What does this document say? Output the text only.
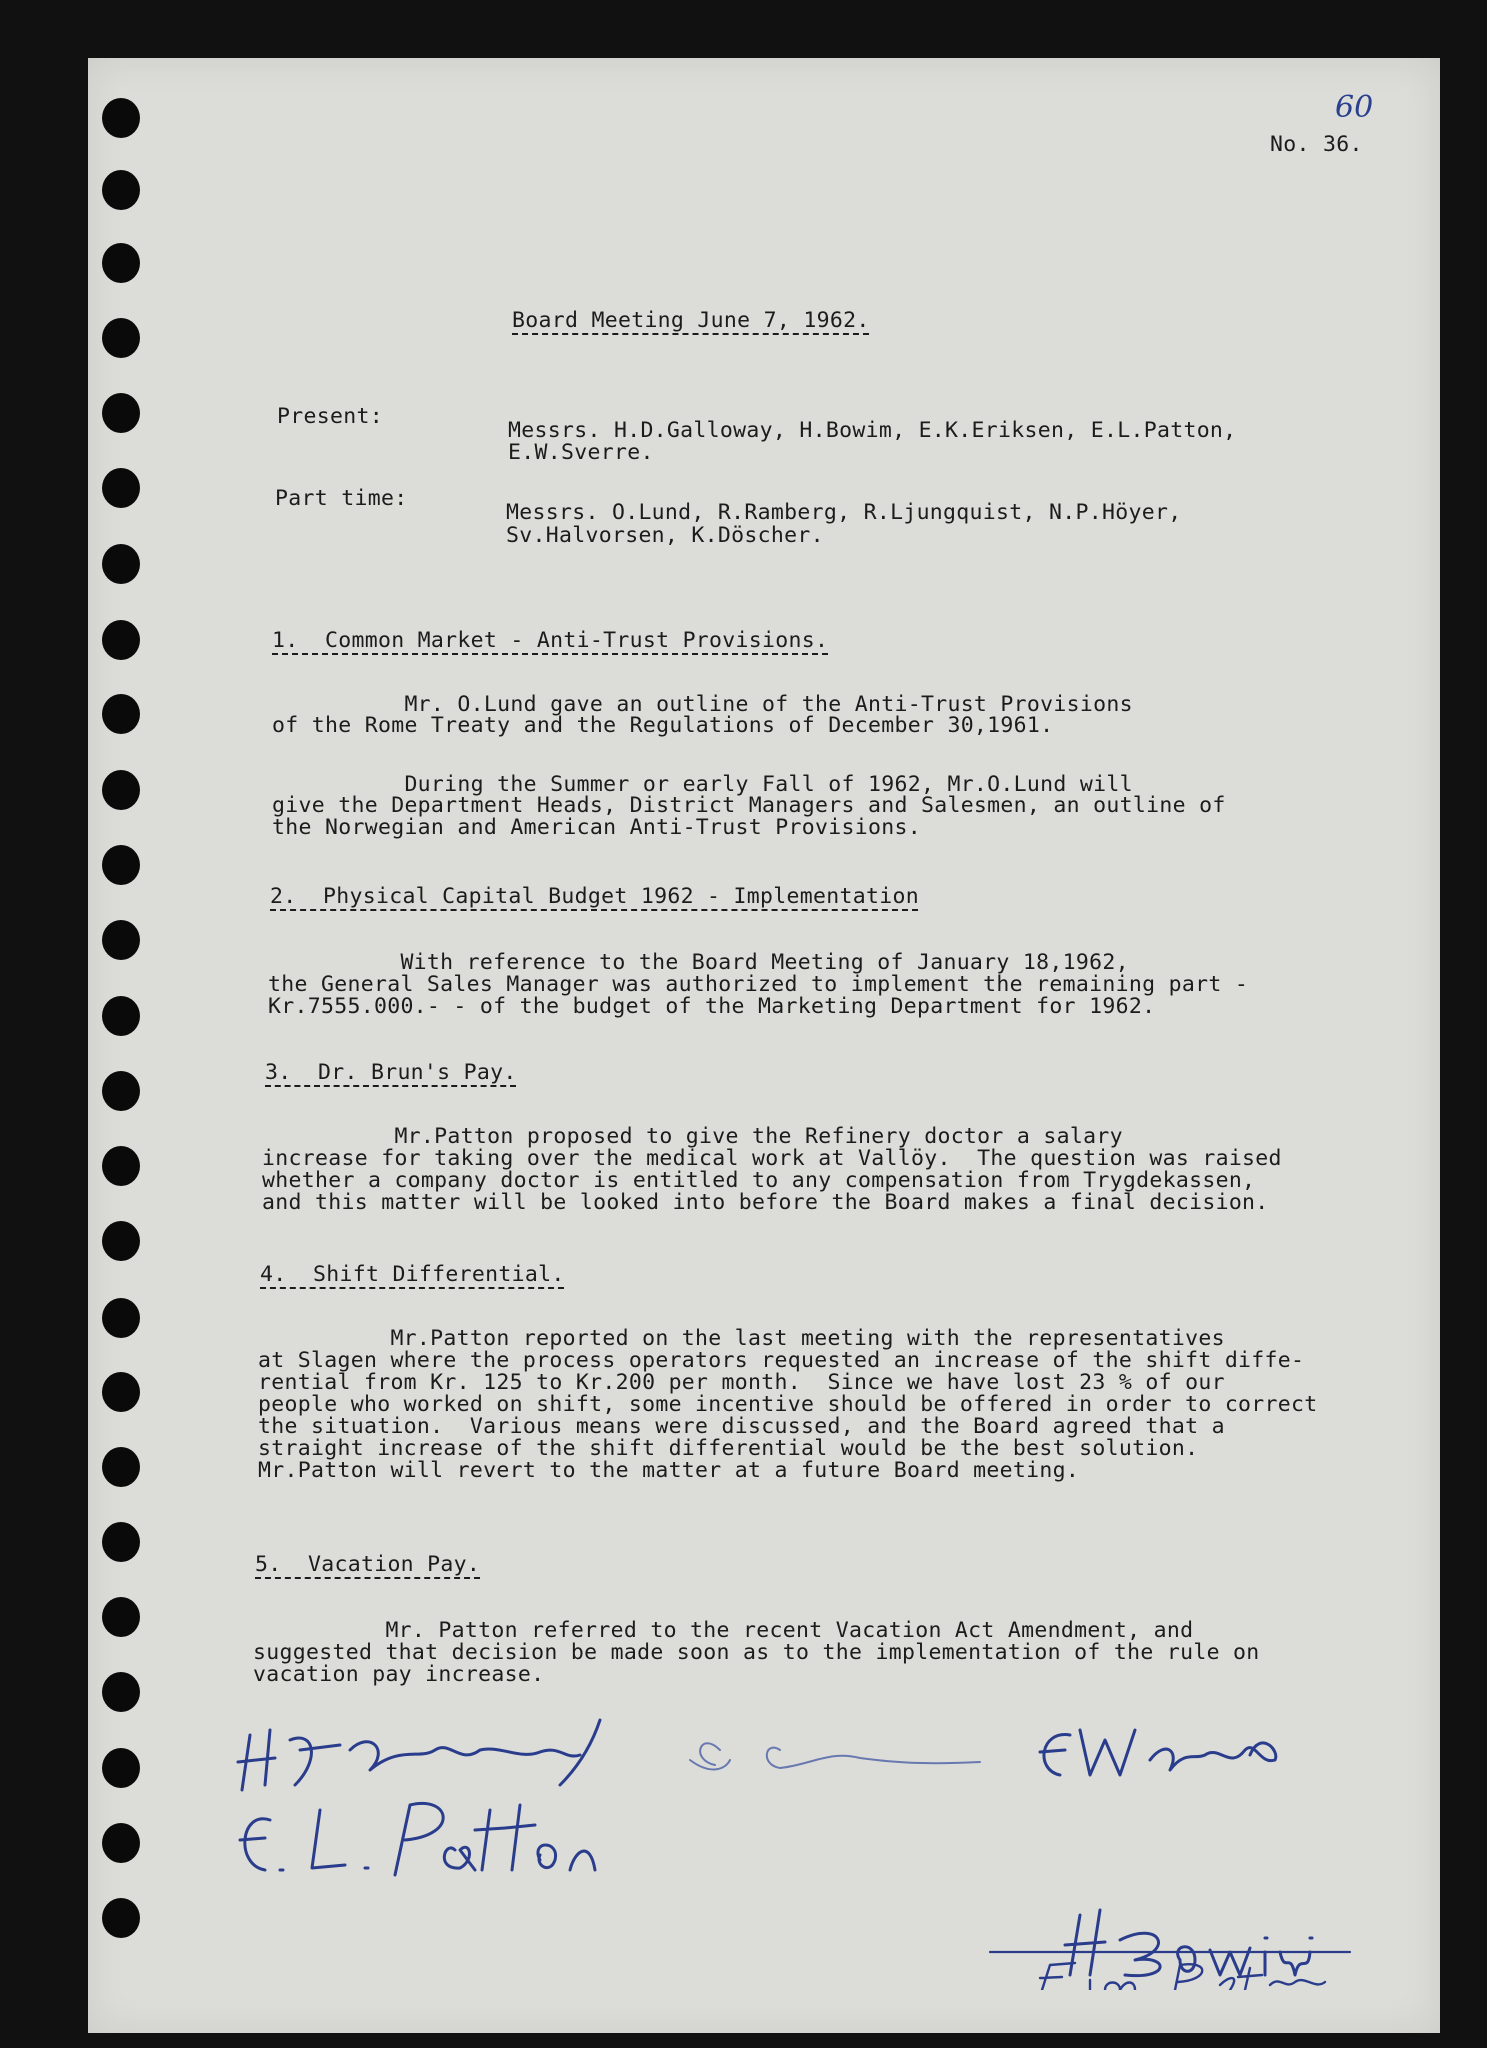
60
No. 36.
Board Meeting June 7, 1962.
Present:
Messrs. H.D.Galloway, H.Bowim, E.K.Eriksen, E.L.Patton,
E.W.Sverre.
Part time:
Messrs. O.Lund, R.Ramberg, R.Ljungquist, N.P.Höyer,
Sv.Halvorsen, K.Döscher.
1.  Common Market - Anti-Trust Provisions.
Mr. O.Lund gave an outline of the Anti-Trust Provisions
of the Rome Treaty and the Regulations of December 30,1961.
During the Summer or early Fall of 1962, Mr.O.Lund will
give the Department Heads, District Managers and Salesmen, an outline of
the Norwegian and American Anti-Trust Provisions.
2.  Physical Capital Budget 1962 - Implementation
With reference to the Board Meeting of January 18,1962,
the General Sales Manager was authorized to implement the remaining part -
Kr.7555.000.- - of the budget of the Marketing Department for 1962.
3.  Dr. Brun's Pay.
Mr.Patton proposed to give the Refinery doctor a salary
increase for taking over the medical work at Vallöy.  The question was raised
whether a company doctor is entitled to any compensation from Trygdekassen,
and this matter will be looked into before the Board makes a final decision.
4.  Shift Differential.
Mr.Patton reported on the last meeting with the representatives
at Slagen where the process operators requested an increase of the shift diffe-
rential from Kr. 125 to Kr.200 per month.  Since we have lost 23 % of our
people who worked on shift, some incentive should be offered in order to correct
the situation.  Various means were discussed, and the Board agreed that a
straight increase of the shift differential would be the best solution.
Mr.Patton will revert to the matter at a future Board meeting.
5.  Vacation Pay.
Mr. Patton referred to the recent Vacation Act Amendment, and
suggested that decision be made soon as to the implementation of the rule on
vacation pay increase.
